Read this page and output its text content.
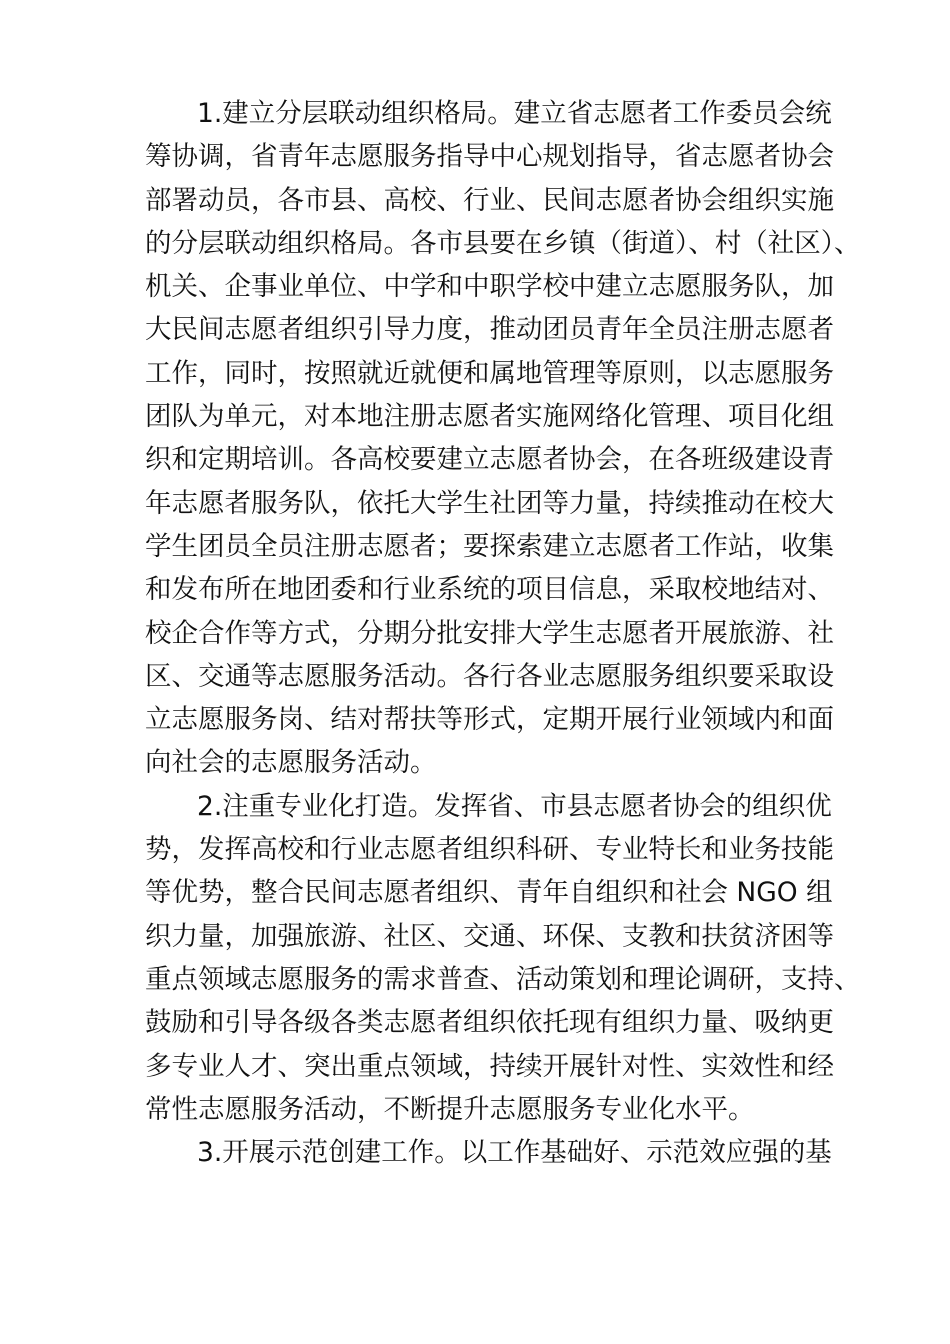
1.建立分层联动组织格局。建立省志愿者工作委员会统
筹协调，省青年志愿服务指导中心规划指导，省志愿者协会
部署动员，各市县、高校、行业、民间志愿者协会组织实施
的分层联动组织格局。各市县要在乡镇（街道）、村（社区）、
机关、企事业单位、中学和中职学校中建立志愿服务队，加
大民间志愿者组织引导力度，推动团员青年全员注册志愿者
工作，同时，按照就近就便和属地管理等原则，以志愿服务
团队为单元，对本地注册志愿者实施网络化管理、项目化组
织和定期培训。各高校要建立志愿者协会，在各班级建设青
年志愿者服务队，依托大学生社团等力量，持续推动在校大
学生团员全员注册志愿者；要探索建立志愿者工作站，收集
和发布所在地团委和行业系统的项目信息，采取校地结对、
校企合作等方式，分期分批安排大学生志愿者开展旅游、社
区、交通等志愿服务活动。各行各业志愿服务组织要采取设
立志愿服务岗、结对帮扶等形式，定期开展行业领域内和面
向社会的志愿服务活动。
2.注重专业化打造。发挥省、市县志愿者协会的组织优
势，发挥高校和行业志愿者组织科研、专业特长和业务技能
等优势，整合民间志愿者组织、青年自组织和社会 NGO 组
织力量，加强旅游、社区、交通、环保、支教和扶贫济困等
重点领域志愿服务的需求普查、活动策划和理论调研，支持、
鼓励和引导各级各类志愿者组织依托现有组织力量、吸纳更
多专业人才、突出重点领域，持续开展针对性、实效性和经
常性志愿服务活动，不断提升志愿服务专业化水平。
3.开展示范创建工作。以工作基础好、示范效应强的基
